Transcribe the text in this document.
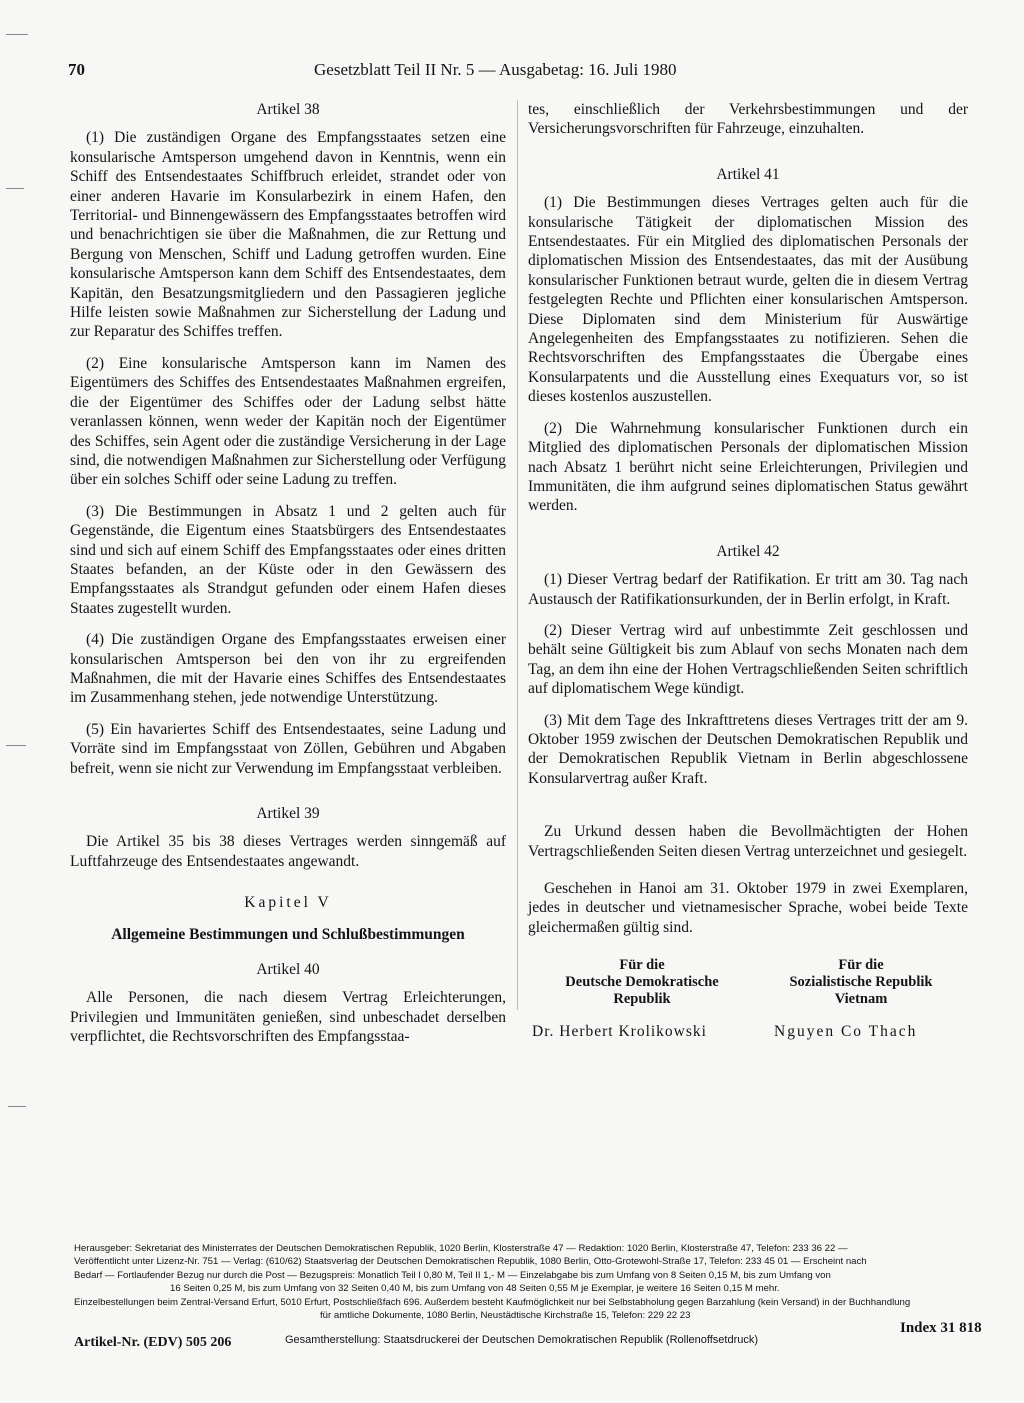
70	Gesetzblatt Teil II Nr. 5 — Ausgabetag: 16. Juli 1980
Artikel 38

(1) Die zuständigen Organe des Empfangsstaates setzen eine konsularische Amtsperson umgehend davon in Kenntnis, wenn ein Schiff des Entsendestaates Schiffbruch erleidet, strandet oder von einer anderen Havarie im Konsularbezirk in einem Hafen, den Territorial- und Binnengewässern des Empfangsstaates betroffen wird und benachrichtigen sie über die Maßnahmen, die zur Rettung und Bergung von Menschen, Schiff und Ladung getroffen wurden. Eine konsularische Amtsperson kann dem Schiff des Entsendestaates, dem Kapitän, den Besatzungsmitgliedern und den Passagieren jegliche Hilfe leisten sowie Maßnahmen zur Sicherstellung der Ladung und zur Reparatur des Schiffes treffen.

(2) Eine konsularische Amtsperson kann im Namen des Eigentümers des Schiffes des Entsendestaates Maßnahmen ergreifen, die der Eigentümer des Schiffes oder der Ladung selbst hätte veranlassen können, wenn weder der Kapitän noch der Eigentümer des Schiffes, sein Agent oder die zuständige Versicherung in der Lage sind, die notwendigen Maßnahmen zur Sicherstellung oder Verfügung über ein solches Schiff oder seine Ladung zu treffen.

(3) Die Bestimmungen in Absatz 1 und 2 gelten auch für Gegenstände, die Eigentum eines Staatsbürgers des Entsendestaates sind und sich auf einem Schiff des Empfangsstaates oder eines dritten Staates befanden, an der Küste oder in den Gewässern des Empfangsstaates als Strandgut gefunden oder einem Hafen dieses Staates zugestellt wurden.

(4) Die zuständigen Organe des Empfangsstaates erweisen einer konsularischen Amtsperson bei den von ihr zu ergreifenden Maßnahmen, die mit der Havarie eines Schiffes des Entsendestaates im Zusammenhang stehen, jede notwendige Unterstützung.

(5) Ein havariertes Schiff des Entsendestaates, seine Ladung und Vorräte sind im Empfangsstaat von Zöllen, Gebühren und Abgaben befreit, wenn sie nicht zur Verwendung im Empfangsstaat verbleiben.

Artikel 39

Die Artikel 35 bis 38 dieses Vertrages werden sinngemäß auf Luftfahrzeuge des Entsendestaates angewandt.

Kapitel V
Allgemeine Bestimmungen und Schlußbestimmungen
Artikel 40

Alle Personen, die nach diesem Vertrag Erleichterungen, Privilegien und Immunitäten genießen, sind unbeschadet derselben verpflichtet, die Rechtsvorschriften des Empfangsstaa-

tes, einschließlich der Verkehrsbestimmungen und der Versicherungsvorschriften für Fahrzeuge, einzuhalten.

Artikel 41

(1) Die Bestimmungen dieses Vertrages gelten auch für die konsularische Tätigkeit der diplomatischen Mission des Entsendestaates. Für ein Mitglied des diplomatischen Personals der diplomatischen Mission des Entsendestaates, das mit der Ausübung konsularischer Funktionen betraut wurde, gelten die in diesem Vertrag festgelegten Rechte und Pflichten einer konsularischen Amtsperson. Diese Diplomaten sind dem Ministerium für Auswärtige Angelegenheiten des Empfangsstaates zu notifizieren. Sehen die Rechtsvorschriften des Empfangsstaates die Übergabe eines Konsularpatents und die Ausstellung eines Exequaturs vor, so ist dieses kostenlos auszustellen.

(2) Die Wahrnehmung konsularischer Funktionen durch ein Mitglied des diplomatischen Personals der diplomatischen Mission nach Absatz 1 berührt nicht seine Erleichterungen, Privilegien und Immunitäten, die ihm aufgrund seines diplomatischen Status gewährt werden.

Artikel 42

(1) Dieser Vertrag bedarf der Ratifikation. Er tritt am 30. Tag nach Austausch der Ratifikationsurkunden, der in Berlin erfolgt, in Kraft.

(2) Dieser Vertrag wird auf unbestimmte Zeit geschlossen und behält seine Gültigkeit bis zum Ablauf von sechs Monaten nach dem Tag, an dem ihn eine der Hohen Vertragschließenden Seiten schriftlich auf diplomatischem Wege kündigt.

(3) Mit dem Tage des Inkrafttretens dieses Vertrages tritt der am 9. Oktober 1959 zwischen der Deutschen Demokratischen Republik und der Demokratischen Republik Vietnam in Berlin abgeschlossene Konsularvertrag außer Kraft.

Zu Urkund dessen haben die Bevollmächtigten der Hohen Vertragschließenden Seiten diesen Vertrag unterzeichnet und gesiegelt.

Geschehen in Hanoi am 31. Oktober 1979 in zwei Exemplaren, jedes in deutscher und vietnamesischer Sprache, wobei beide Texte gleichermaßen gültig sind.

Für die
Deutsche Demokratische
Republik
Für die
Sozialistische Republik
Vietnam
Dr. Herbert Krolikowski	Nguyen Co Thach
Herausgeber: Sekretariat des Ministerrates der Deutschen Demokratischen Republik, 1020 Berlin, Klosterstraße 47 — Redaktion: 1020 Berlin, Klosterstraße 47, Telefon: 233 36 22 —
Veröffentlicht unter Lizenz-Nr. 751 — Verlag: (610/62) Staatsverlag der Deutschen Demokratischen Republik, 1080 Berlin, Otto-Grotewohl-Straße 17, Telefon: 233 45 01 — Erscheint nach
Bedarf — Fortlaufender Bezug nur durch die Post — Bezugspreis: Monatlich Teil I 0,80 M, Teil II 1,- M — Einzelabgabe bis zum Umfang von 8 Seiten 0,15 M, bis zum Umfang von
16 Seiten 0,25 M, bis zum Umfang von 32 Seiten 0,40 M, bis zum Umfang von 48 Seiten 0,55 M je Exemplar, je weitere 16 Seiten 0,15 M mehr.
Einzelbestellungen beim Zentral-Versand Erfurt, 5010 Erfurt, Postschließfach 696. Außerdem besteht Kaufmöglichkeit nur bei Selbstabholung gegen Barzahlung (kein Versand) in der Buchhandlung
für amtliche Dokumente, 1080 Berlin, Neustädtische Kirchstraße 15, Telefon: 229 22 23
Index 31 818
Artikel-Nr. (EDV) 505 206	Gesamtherstellung: Staatsdruckerei der Deutschen Demokratischen Republik (Rollenoffsetdruck)
